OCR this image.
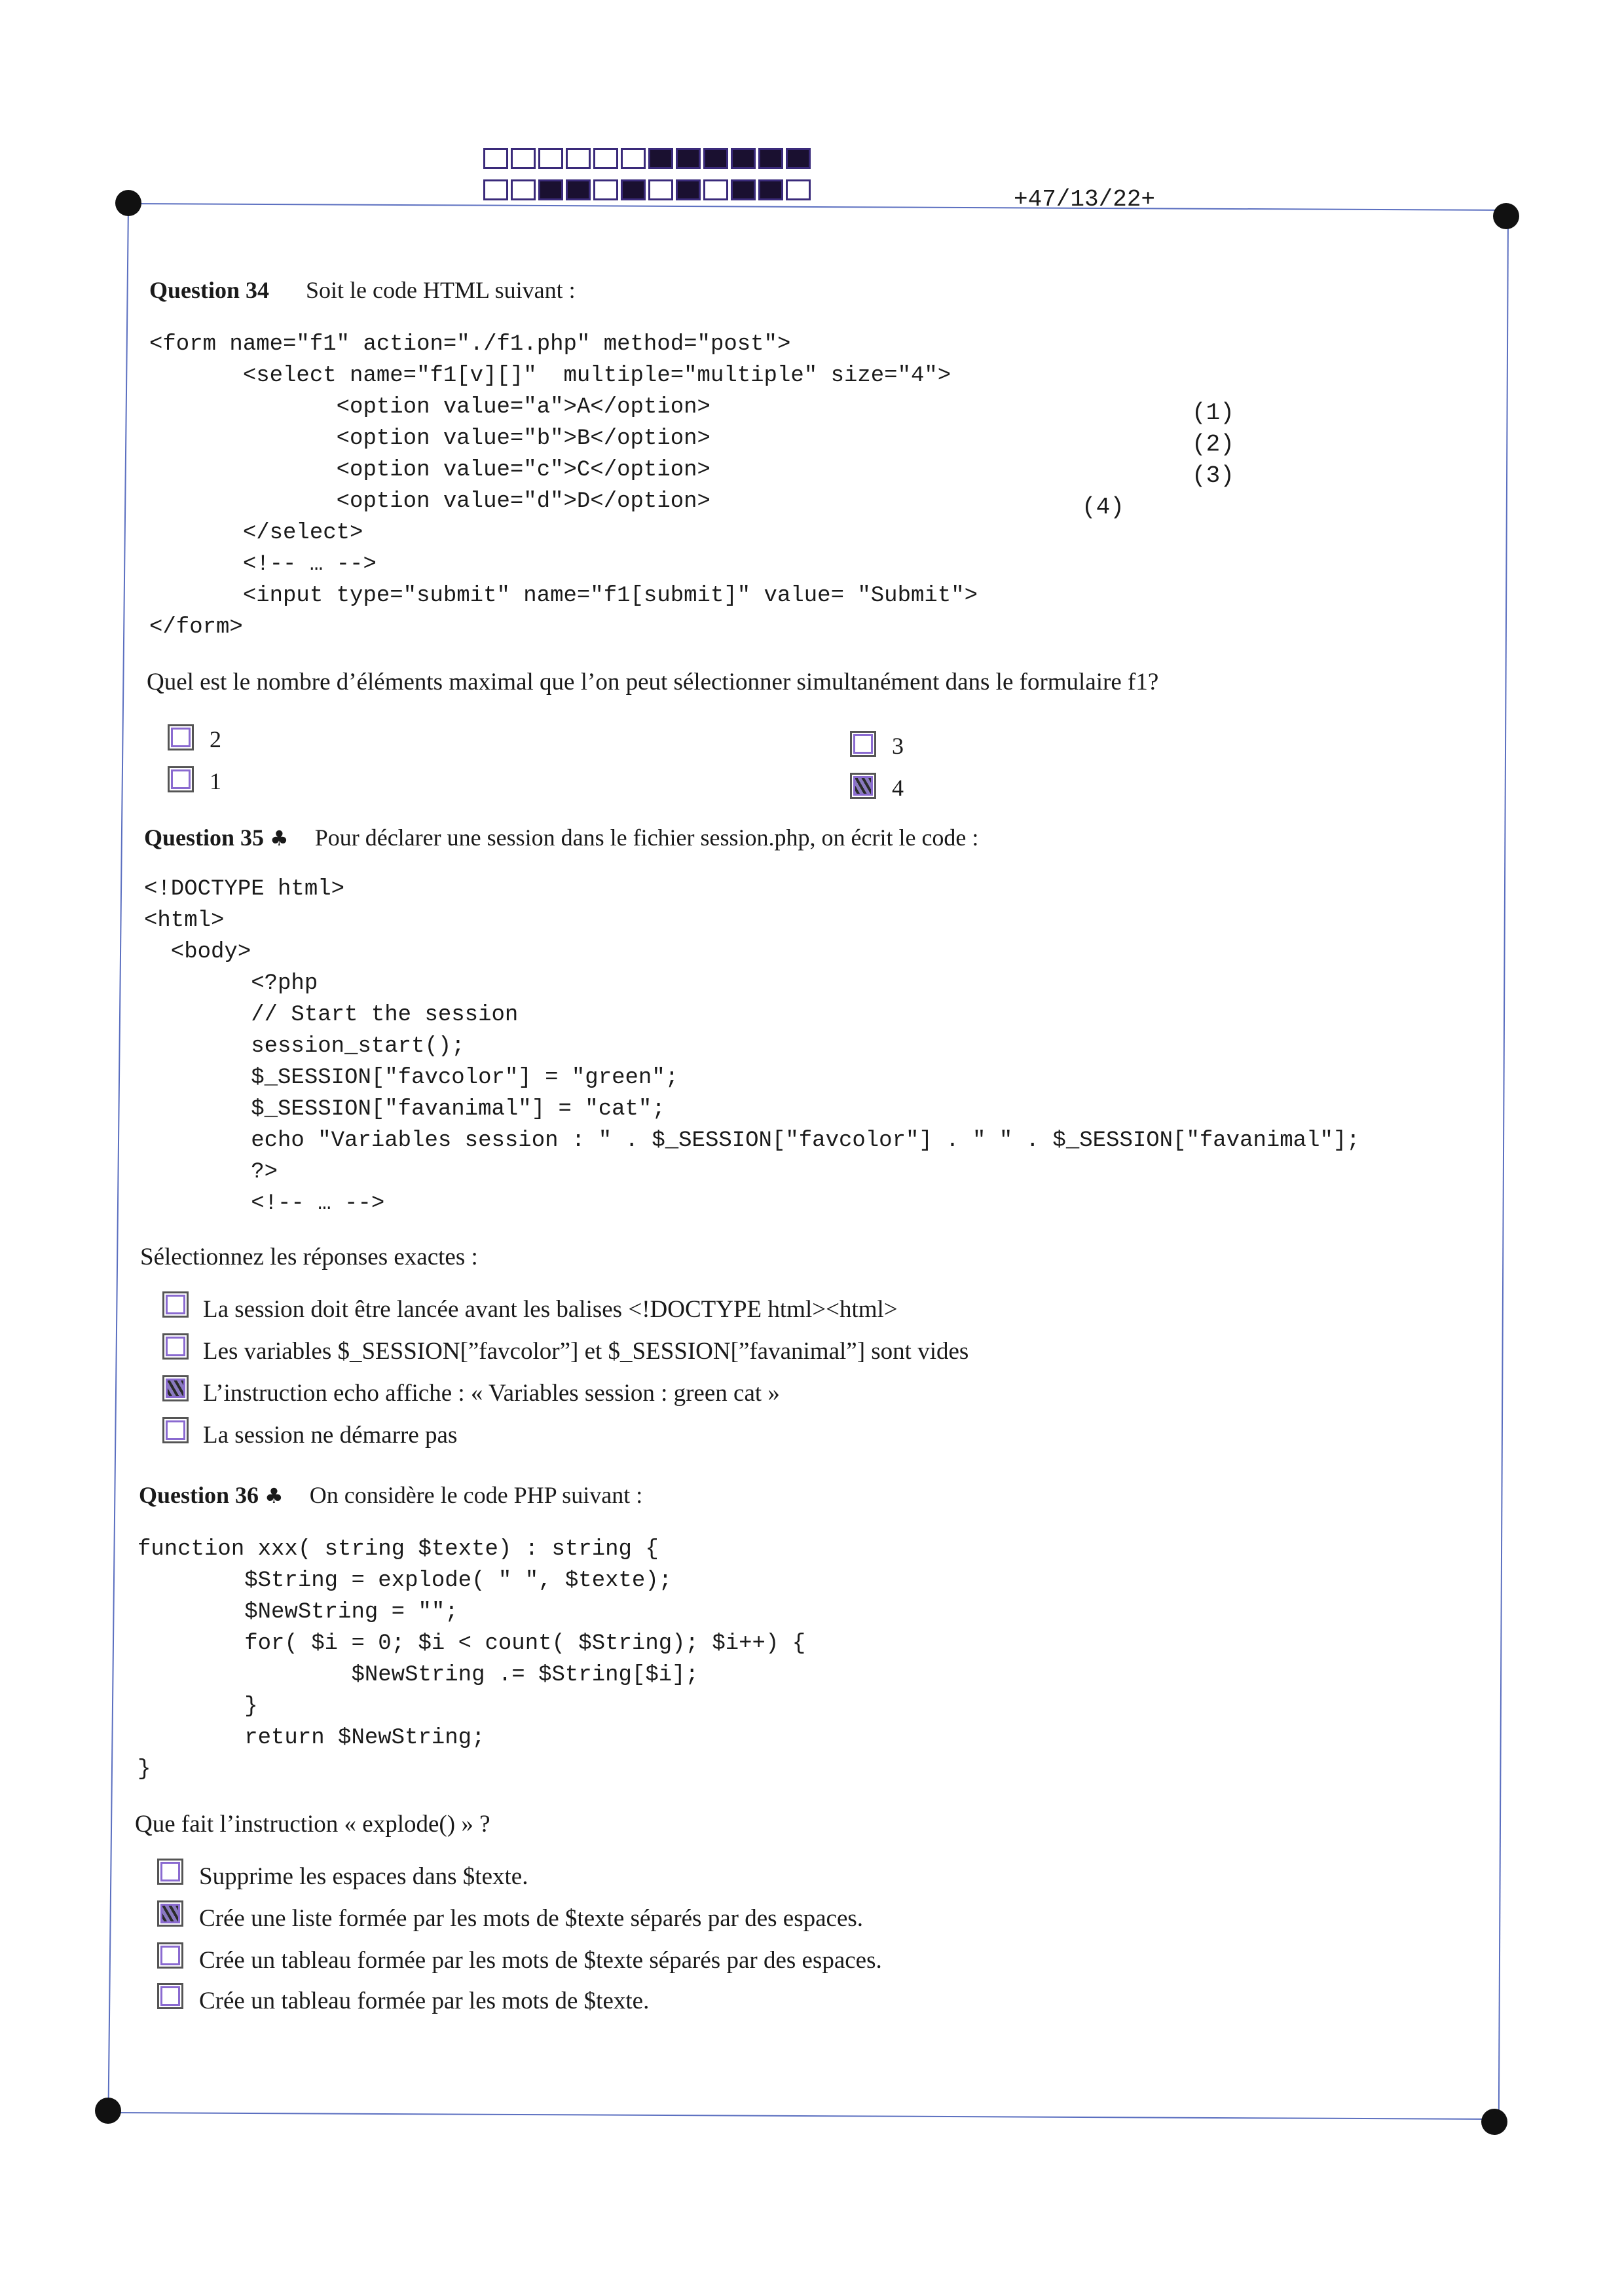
+47/13/22+
Question 34 Soit le code HTML suivant :
<form name="f1" action="./f1.php" method="post">
<select name="f1[v][]"  multiple="multiple" size="4">
<option value="a">A</option>
<option value="b">B</option>
<option value="c">C</option>
<option value="d">D</option>
</select>
<!-- … -->
<input type="submit" name="f1[submit]" value= "Submit">
</form>
(1)
(2)
(3)
(4)
Quel est le nombre d’éléments maximal que l’on peut sélectionner simultanément dans le formulaire f1?
2
1
3
4
Question 35 ♣ Pour déclarer une session dans le fichier session.php, on écrit le code :
<!DOCTYPE html>
<html>
<body>
<?php
// Start the session
session_start();
$_SESSION["favcolor"] = "green";
$_SESSION["favanimal"] = "cat";
echo "Variables session : " . $_SESSION["favcolor"] . " " . $_SESSION["favanimal"];
?>
<!-- … -->
Sélectionnez les réponses exactes :
La session doit être lancée avant les balises <!DOCTYPE html><html>
Les variables $_SESSION[”favcolor”] et $_SESSION[”favanimal”] sont vides
L’instruction echo affiche : « Variables session : green cat »
La session ne démarre pas
Question 36 ♣ On considère le code PHP suivant :
function xxx( string $texte) : string {
$String = explode( " ", $texte);
$NewString = "";
for( $i = 0; $i < count( $String); $i++) {
$NewString .= $String[$i];
}
return $NewString;
}
Que fait l’instruction « explode() » ?
Supprime les espaces dans $texte.
Crée une liste formée par les mots de $texte séparés par des espaces.
Crée un tableau formée par les mots de $texte séparés par des espaces.
Crée un tableau formée par les mots de $texte.
